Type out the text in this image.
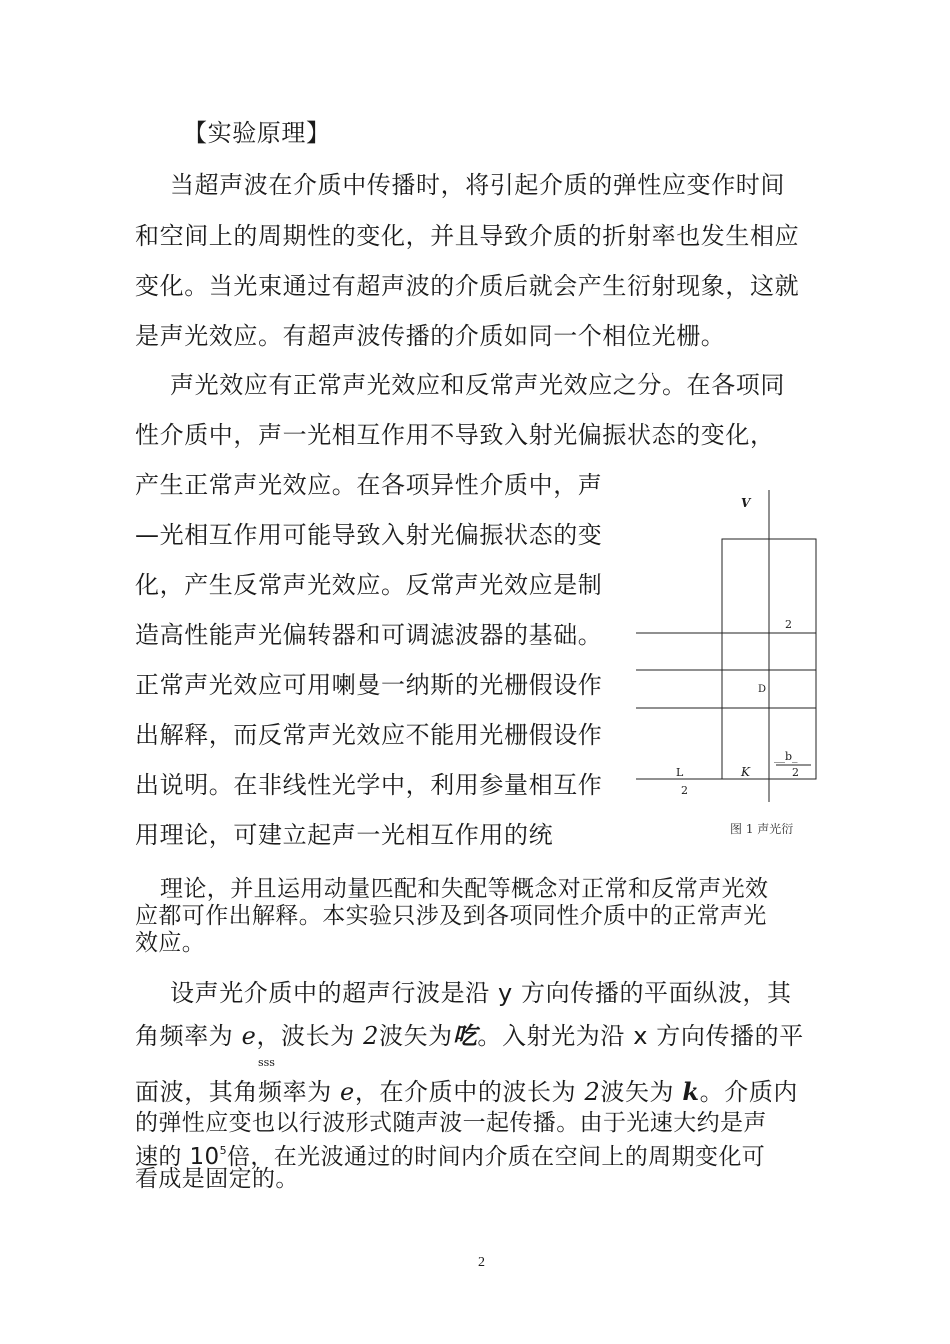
【实验原理】
当超声波在介质中传播时，将引起介质的弹性应变作时间
和空间上的周期性的变化，并且导致介质的折射率也发生相应
变化。当光束通过有超声波的介质后就会产生衍射现象，这就
是声光效应。有超声波传播的介质如同一个相位光栅。
声光效应有正常声光效应和反常声光效应之分。在各项同
性介质中，声一光相互作用不导致入射光偏振状态的变化，
产生正常声光效应。在各项异性介质中，声
—光相互作用可能导致入射光偏振状态的变
化，产生反常声光效应。反常声光效应是制
造高性能声光偏转器和可调滤波器的基础。
正常声光效应可用喇曼一纳斯的光栅假设作
出解释，而反常声光效应不能用光栅假设作
出说明。在非线性光学中，利用参量相互作
用理论，可建立起声一光相互作用的统
理论，并且运用动量匹配和失配等概念对正常和反常声光效
应都可作出解释。本实验只涉及到各项同性介质中的正常声光
效应。
设声光介质中的超声行波是沿 y 方向传播的平面纵波，其
角频率为 e，波长为 2波矢为吃。入射光为沿 x 方向传播的平
sss
面波，其角频率为 e，在介质中的波长为 2波矢为 k。介质内
的弹性应变也以行波形式随声波一起传播。由于光速大约是声
速的 $10^5$倍，在光波通过的时间内介质在空间上的周期变化可
看成是固定的。
V
2
D
__b_
2
L	K
2
图 1 声光衍
2
